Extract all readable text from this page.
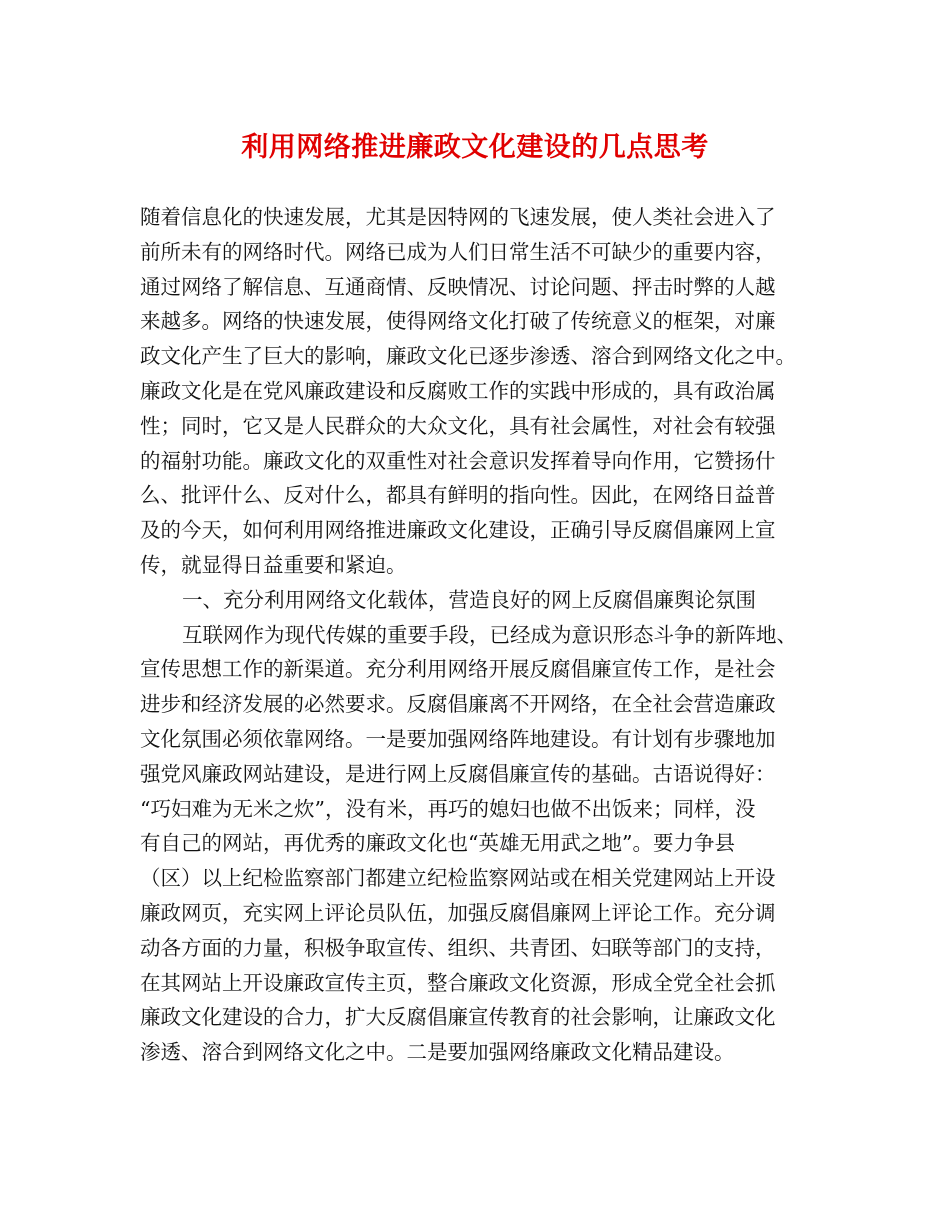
利用网络推进廉政文化建设的几点思考
随着信息化的快速发展，尤其是因特网的飞速发展，使人类社会进入了
前所未有的网络时代。网络已成为人们日常生活不可缺少的重要内容，
通过网络了解信息、互通商情、反映情况、讨论问题、抨击时弊的人越
来越多。网络的快速发展，使得网络文化打破了传统意义的框架，对廉
政文化产生了巨大的影响，廉政文化已逐步渗透、溶合到网络文化之中。
廉政文化是在党风廉政建设和反腐败工作的实践中形成的，具有政治属
性；同时，它又是人民群众的大众文化，具有社会属性，对社会有较强
的福射功能。廉政文化的双重性对社会意识发挥着导向作用，它赞扬什
么、批评什么、反对什么，都具有鲜明的指向性。因此，在网络日益普
及的今天，如何利用网络推进廉政文化建设，正确引导反腐倡廉网上宣
传，就显得日益重要和紧迫。
一、充分利用网络文化载体，营造良好的网上反腐倡廉舆论氛围
互联网作为现代传媒的重要手段，已经成为意识形态斗争的新阵地、
宣传思想工作的新渠道。充分利用网络开展反腐倡廉宣传工作，是社会
进步和经济发展的必然要求。反腐倡廉离不开网络，在全社会营造廉政
文化氛围必须依靠网络。一是要加强网络阵地建设。有计划有步骤地加
强党风廉政网站建设，是进行网上反腐倡廉宣传的基础。古语说得好：
“巧妇难为无米之炊”，没有米，再巧的媳妇也做不出饭来；同样，没
有自己的网站，再优秀的廉政文化也“英雄无用武之地”。要力争县
（区）以上纪检监察部门都建立纪检监察网站或在相关党建网站上开设
廉政网页，充实网上评论员队伍，加强反腐倡廉网上评论工作。充分调
动各方面的力量，积极争取宣传、组织、共青团、妇联等部门的支持，
在其网站上开设廉政宣传主页，整合廉政文化资源，形成全党全社会抓
廉政文化建设的合力，扩大反腐倡廉宣传教育的社会影响，让廉政文化
渗透、溶合到网络文化之中。二是要加强网络廉政文化精品建设。
